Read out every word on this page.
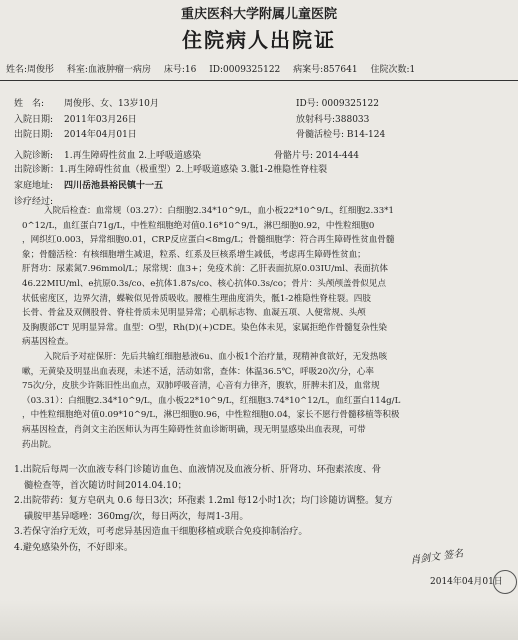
重庆医科大学附属儿童医院
住院病人出院证
姓名:周俊彤 科室:血液肿瘤一病房 床号:16 ID:0009325122 病案号:857641 住院次数:1
姓　名: 周俊彤、女、13岁10月	ID号: 0009325122
入院日期: 2011年03月26日	放射科号:388033
出院日期: 2014年04月01日	骨髓活检号: B14-124
入院诊断: 1.再生障碍性贫血 2.上呼吸道感染	骨骼片号: 2014-444
出院诊断：1.再生障碍性贫血（极重型）2.上呼吸道感染 3.骶1-2椎隐性脊柱裂
家庭地址: 四川岳池县裕民镇十一五
诊疗经过:
入院后检查：血常规（03.27）：白细胞2.34*10^9/L，血小板22*10^9/L，红细胞2.33*1
0^12/L，血红蛋白71g/L，中性粒细胞绝对值0.16*10^9/L，淋巴细胞0.92，中性粒细胞0
，网织红0.003，异常细胞0.01，CRP反应蛋白<8mg/L；骨髓细胞学：符合再生障碍性贫血骨髓
象；骨髓活检：有核细胞增生减退，粒系、红系及巨核系增生减低，考虑再生障碍性贫血；
肝肾功：尿素氮7.96mmol/L；尿常规：血3+；免疫术前：乙肝表面抗原0.03IU/ml、表面抗体
46.22MIU/ml、e抗原0.3s/co、e抗体1.87s/co、核心抗体0.3s/co；骨片：头颅颅盖骨似见点
状低密度区，边界欠清，蝶鞍似见骨质吸收。腰椎生理曲度消失，骶1-2椎隐性脊柱裂。四肢
长骨、骨盆及双侧股骨、脊柱骨质未见明显异常；心肌标志物、血凝五项、人便常规、头颅
及胸腹部CT 见明显异常。血型：O型，Rh(D)(+)CDE。染色体未见，家属拒绝作骨髓复杂性染
病基因检查。
入院后予对症保肝：先后共输红细胞悬液6u、血小板1个治疗量，现精神食欲好，无发热咳
嗽，无黄染及明显出血表现，未述不适，活动如常，查体：体温36.5℃，呼吸20次/分，心率
75次/分，皮肤少许陈旧性出血点，双肺呼吸音清，心音有力律齐，腹软，肝脾未扪及，血常规
（03.31）：白细胞2.34*10^9/L，血小板22*10^9/L，红细胞3.74*10^12/L，血红蛋白114g/L
，中性粒细胞绝对值0.09*10^9/L，淋巴细胞0.96，中性粒细胞0.04，家长不愿行骨髓移植等积极
病基因检查，肖剑文主治医师认为再生障碍性贫血诊断明确，现无明显感染出血表现，可带
药出院。
1.出院后每周一次血液专科门诊随访血色、血液情况及血液分析、肝肾功、环孢素浓度、骨
髓检查等，首次随访时间2014.04.10；
2.出院带药：复方皂矾丸 0.6 每日3次；环孢素 1.2ml 每12小时1次；均门诊随访调整。复方
磺胺甲基异噁唑：360mg/次，每日两次，每周1-3用。
3.若保守治疗无效，可考虑异基因造血干细胞移植或联合免疫抑制治疗。
4.避免感染外伤，不好即来。
肖剑文 签名
2014年04月01日
